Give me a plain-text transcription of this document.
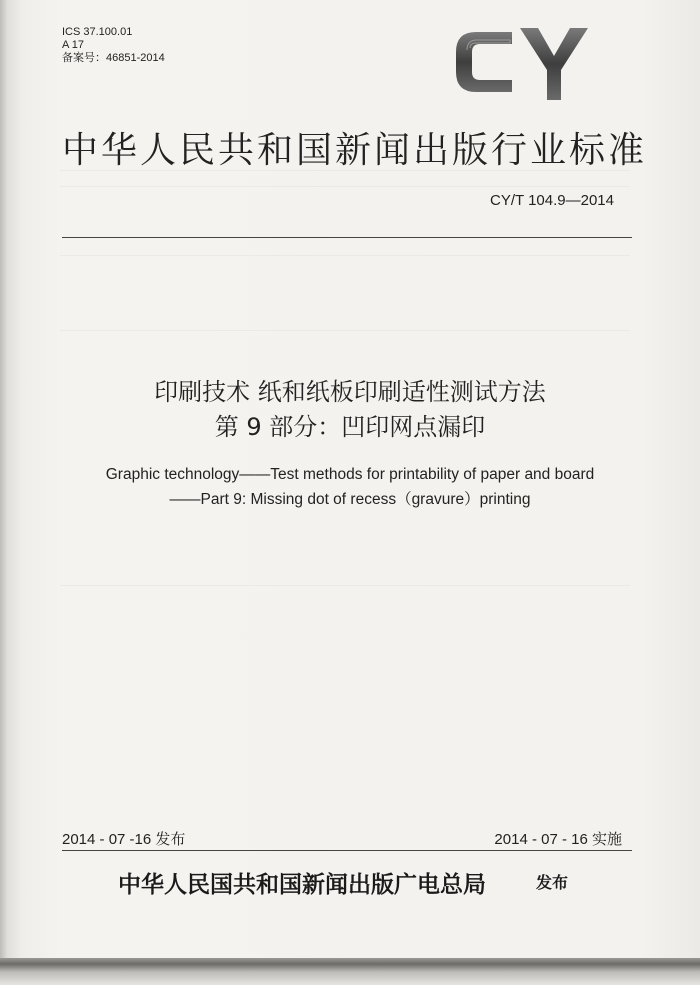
ICS 37.100.01
A 17
备案号：46851-2014
中华人民共和国新闻出版行业标准
CY/T 104.9—2014
印刷技术 纸和纸板印刷适性测试方法
第 9 部分：凹印网点漏印
Graphic technology——Test methods for printability of paper and board
——Part 9: Missing dot of recess（gravure）printing
2014 - 07 -16 发布	2014 - 07 - 16 实施
中华人民国共和国新闻出版广电总局	发布
